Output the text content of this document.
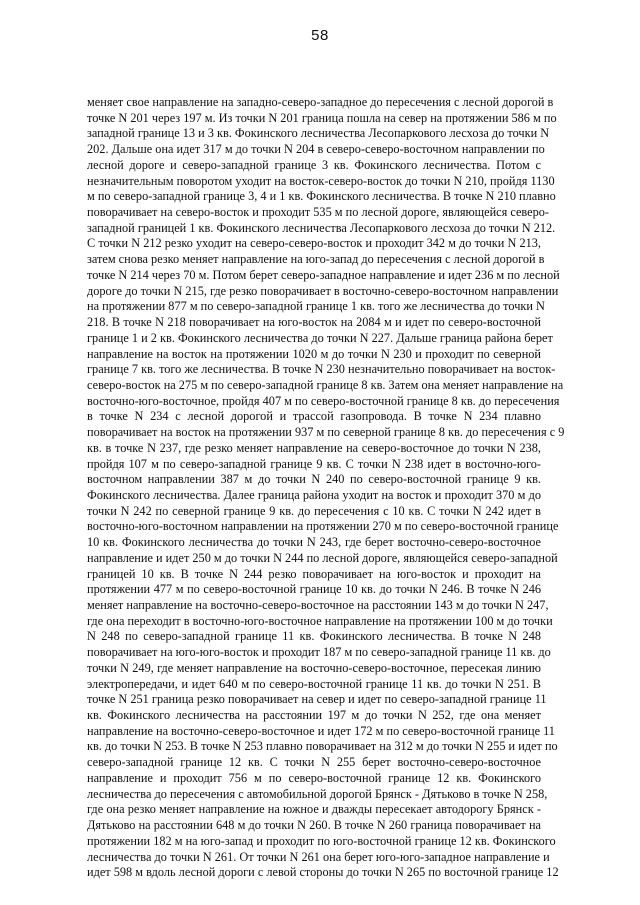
58
меняет свое направление на западно-северо-западное до пересечения с лесной дорогой в
точке N 201 через 197 м. Из точки N 201 граница пошла на север на протяжении 586 м по
западной границе 13 и 3 кв. Фокинского лесничества Лесопаркового лесхоза до точки N
202. Дальше она идет 317 м до точки N 204 в северо-северо-восточном направлении по
лесной дороге и северо-западной границе 3 кв. Фокинского лесничества. Потом с
незначительным поворотом уходит на восток-северо-восток до точки N 210, пройдя 1130
м по северо-западной границе 3, 4 и 1 кв. Фокинского лесничества. В точке N 210 плавно
поворачивает на северо-восток и проходит 535 м по лесной дороге, являющейся северо-
западной границей 1 кв. Фокинского лесничества Лесопаркового лесхоза до точки N 212.
С точки N 212 резко уходит на северо-северо-восток и проходит 342 м до точки N 213,
затем снова резко меняет направление на юго-запад до пересечения с лесной дорогой в
точке N 214 через 70 м. Потом берет северо-западное направление и идет 236 м по лесной
дороге до точки N 215, где резко поворачивает в восточно-северо-восточном направлении
на протяжении 877 м по северо-западной границе 1 кв. того же лесничества до точки N
218. В точке N 218 поворачивает на юго-восток на 2084 м и идет по северо-восточной
границе 1 и 2 кв. Фокинского лесничества до точки N 227. Дальше граница района берет
направление на восток на протяжении 1020 м до точки N 230 и проходит по северной
границе 7 кв. того же лесничества. В точке N 230 незначительно поворачивает на восток-
северо-восток на 275 м по северо-западной границе 8 кв. Затем она меняет направление на
восточно-юго-восточное, пройдя 407 м по северо-восточной границе 8 кв. до пересечения
в точке N 234 с лесной дорогой и трассой газопровода. В точке N 234 плавно
поворачивает на восток на протяжении 937 м по северной границе 8 кв. до пересечения с 9
кв. в точке N 237, где резко меняет направление на северо-восточное до точки N 238,
пройдя 107 м по северо-западной границе 9 кв. С точки N 238 идет в восточно-юго-
восточном направлении 387 м до точки N 240 по северо-восточной границе 9 кв.
Фокинского лесничества. Далее граница района уходит на восток и проходит 370 м до
точки N 242 по северной границе 9 кв. до пересечения с 10 кв. С точки N 242 идет в
восточно-юго-восточном направлении на протяжении 270 м по северо-восточной границе
10 кв. Фокинского лесничества до точки N 243, где берет восточно-северо-восточное
направление и идет 250 м до точки N 244 по лесной дороге, являющейся северо-западной
границей 10 кв. В точке N 244 резко поворачивает на юго-восток и проходит на
протяжении 477 м по северо-восточной границе 10 кв. до точки N 246. В точке N 246
меняет направление на восточно-северо-восточное на расстоянии 143 м до точки N 247,
где она переходит в восточно-юго-восточное направление на протяжении 100 м до точки
N 248 по северо-западной границе 11 кв. Фокинского лесничества. В точке N 248
поворачивает на юго-юго-восток и проходит 187 м по северо-западной границе 11 кв. до
точки N 249, где меняет направление на восточно-северо-восточное, пересекая линию
электропередачи, и идет 640 м по северо-восточной границе 11 кв. до точки N 251. В
точке N 251 граница резко поворачивает на север и идет по северо-западной границе 11
кв. Фокинского лесничества на расстоянии 197 м до точки N 252, где она меняет
направление на восточно-северо-восточное и идет 172 м по северо-восточной границе 11
кв. до точки N 253. В точке N 253 плавно поворачивает на 312 м до точки N 255 и идет по
северо-западной границе 12 кв. С точки N 255 берет восточно-северо-восточное
направление и проходит 756 м по северо-восточной границе 12 кв. Фокинского
лесничества до пересечения с автомобильной дорогой Брянск - Дятьково в точке N 258,
где она резко меняет направление на южное и дважды пересекает автодорогу Брянск -
Дятьково на расстоянии 648 м до точки N 260. В точке N 260 граница поворачивает на
протяжении 182 м на юго-запад и проходит по юго-восточной границе 12 кв. Фокинского
лесничества до точки N 261. От точки N 261 она берет юго-юго-западное направление и
идет 598 м вдоль лесной дороги с левой стороны до точки N 265 по восточной границе 12
